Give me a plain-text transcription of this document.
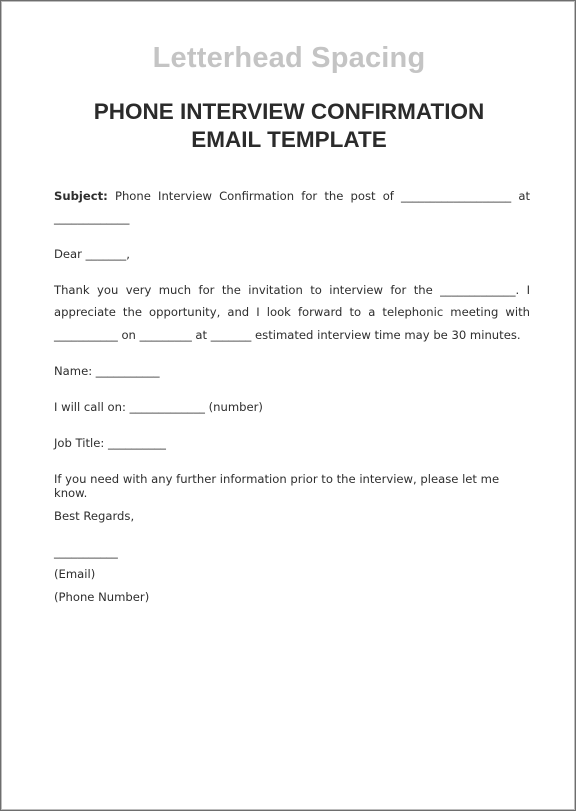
Letterhead Spacing
PHONE INTERVIEW CONFIRMATION
EMAIL TEMPLATE
Subject: Phone Interview Confirmation for the post of ___________________ at
_____________
Dear _______,
Thank you very much for the invitation to interview for the _____________. I
appreciate the opportunity, and I look forward to a telephonic meeting with
___________ on _________ at _______ estimated interview time may be 30 minutes.
Name: ___________
I will call on: _____________ (number)
Job Title: __________
If you need with any further information prior to the interview, please let me know.
Best Regards,
___________
(Email)
(Phone Number)
